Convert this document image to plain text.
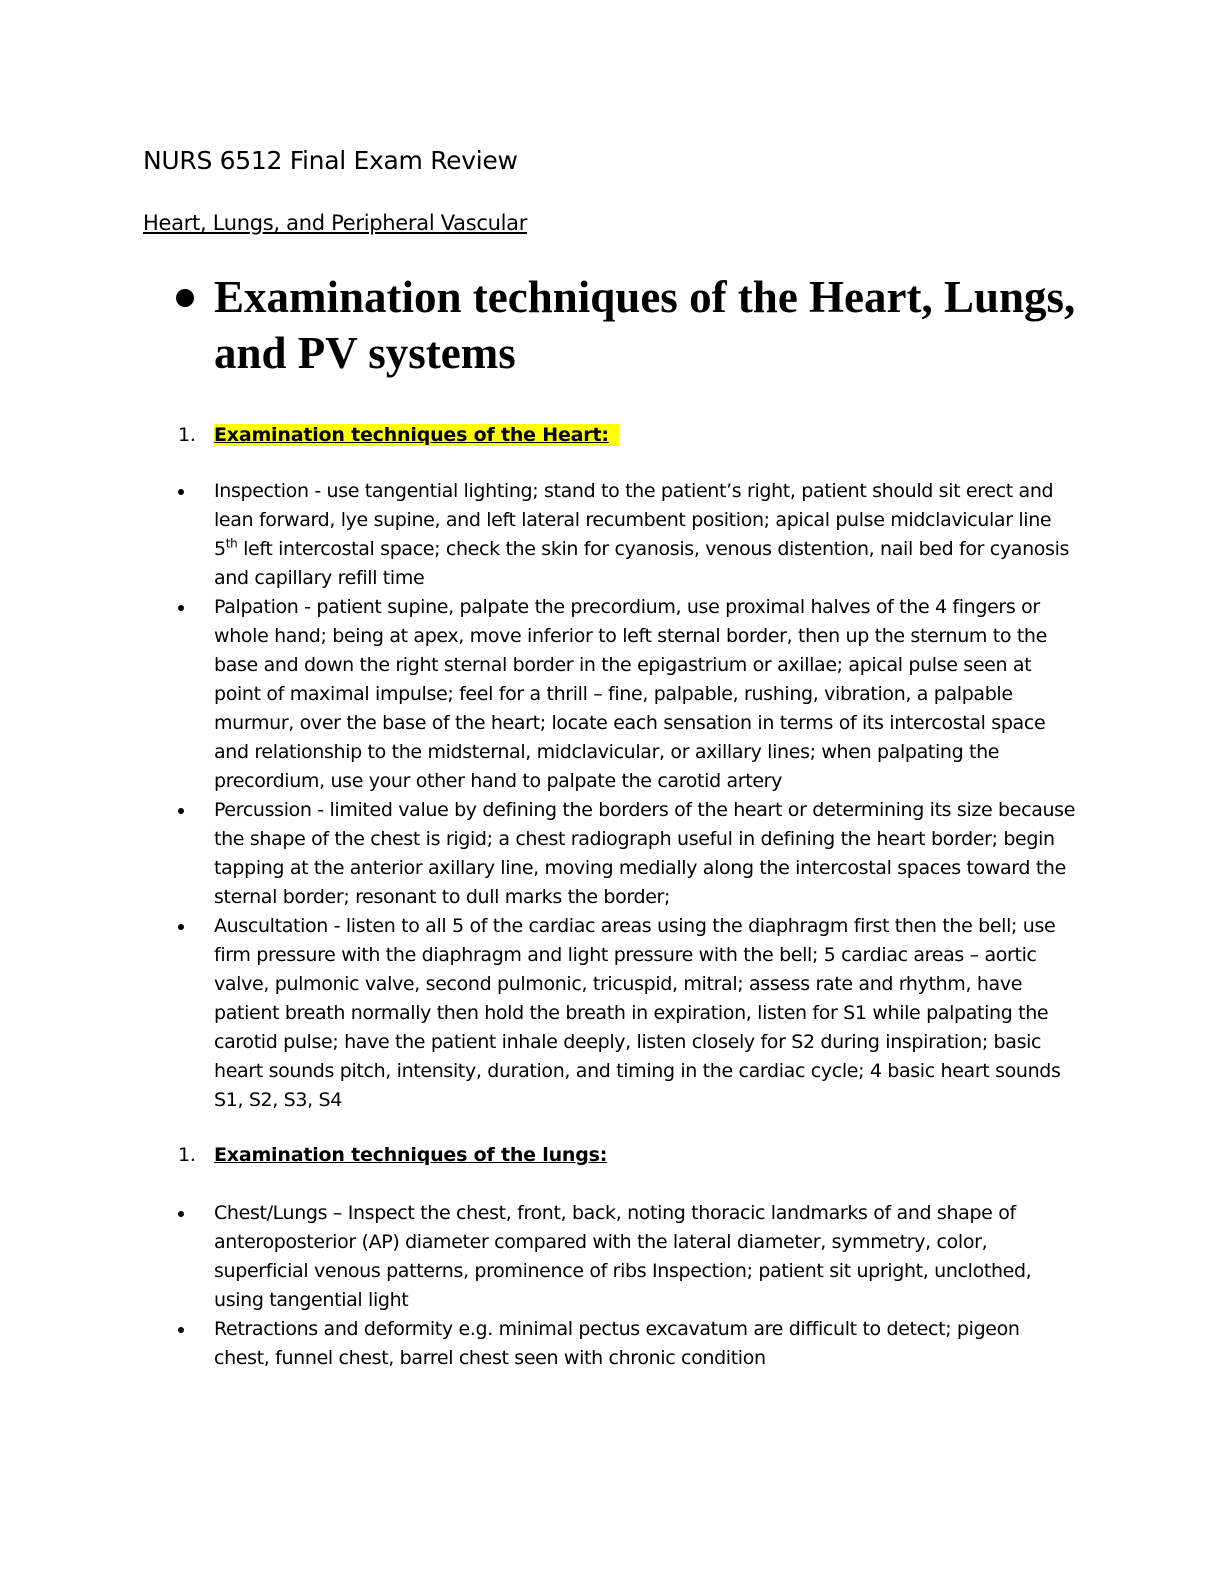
NURS 6512 Final Exam Review
Heart, Lungs, and Peripheral Vascular
Examination techniques of the Heart, Lungs, and PV systems
1. Examination techniques of the Heart:
Inspection - use tangential lighting; stand to the patient’s right, patient should sit erect and lean forward, lye supine, and left lateral recumbent position; apical pulse midclavicular line 5th left intercostal space; check the skin for cyanosis, venous distention, nail bed for cyanosis and capillary refill time
Palpation - patient supine, palpate the precordium, use proximal halves of the 4 fingers or whole hand; being at apex, move inferior to left sternal border, then up the sternum to the base and down the right sternal border in the epigastrium or axillae; apical pulse seen at point of maximal impulse; feel for a thrill – fine, palpable, rushing, vibration, a palpable murmur, over the base of the heart; locate each sensation in terms of its intercostal space and relationship to the midsternal, midclavicular, or axillary lines; when palpating the precordium, use your other hand to palpate the carotid artery
Percussion - limited value by defining the borders of the heart or determining its size because the shape of the chest is rigid; a chest radiograph useful in defining the heart border; begin tapping at the anterior axillary line, moving medially along the intercostal spaces toward the sternal border; resonant to dull marks the border;
Auscultation - listen to all 5 of the cardiac areas using the diaphragm first then the bell; use firm pressure with the diaphragm and light pressure with the bell; 5 cardiac areas – aortic valve, pulmonic valve, second pulmonic, tricuspid, mitral; assess rate and rhythm, have patient breath normally then hold the breath in expiration, listen for S1 while palpating the carotid pulse; have the patient inhale deeply, listen closely for S2 during inspiration; basic heart sounds pitch, intensity, duration, and timing in the cardiac cycle; 4 basic heart sounds S1, S2, S3, S4
1. Examination techniques of the lungs:
Chest/Lungs – Inspect the chest, front, back, noting thoracic landmarks of and shape of anteroposterior (AP) diameter compared with the lateral diameter, symmetry, color, superficial venous patterns, prominence of ribs Inspection; patient sit upright, unclothed, using tangential light
Retractions and deformity e.g. minimal pectus excavatum are difficult to detect; pigeon chest, funnel chest, barrel chest seen with chronic condition
